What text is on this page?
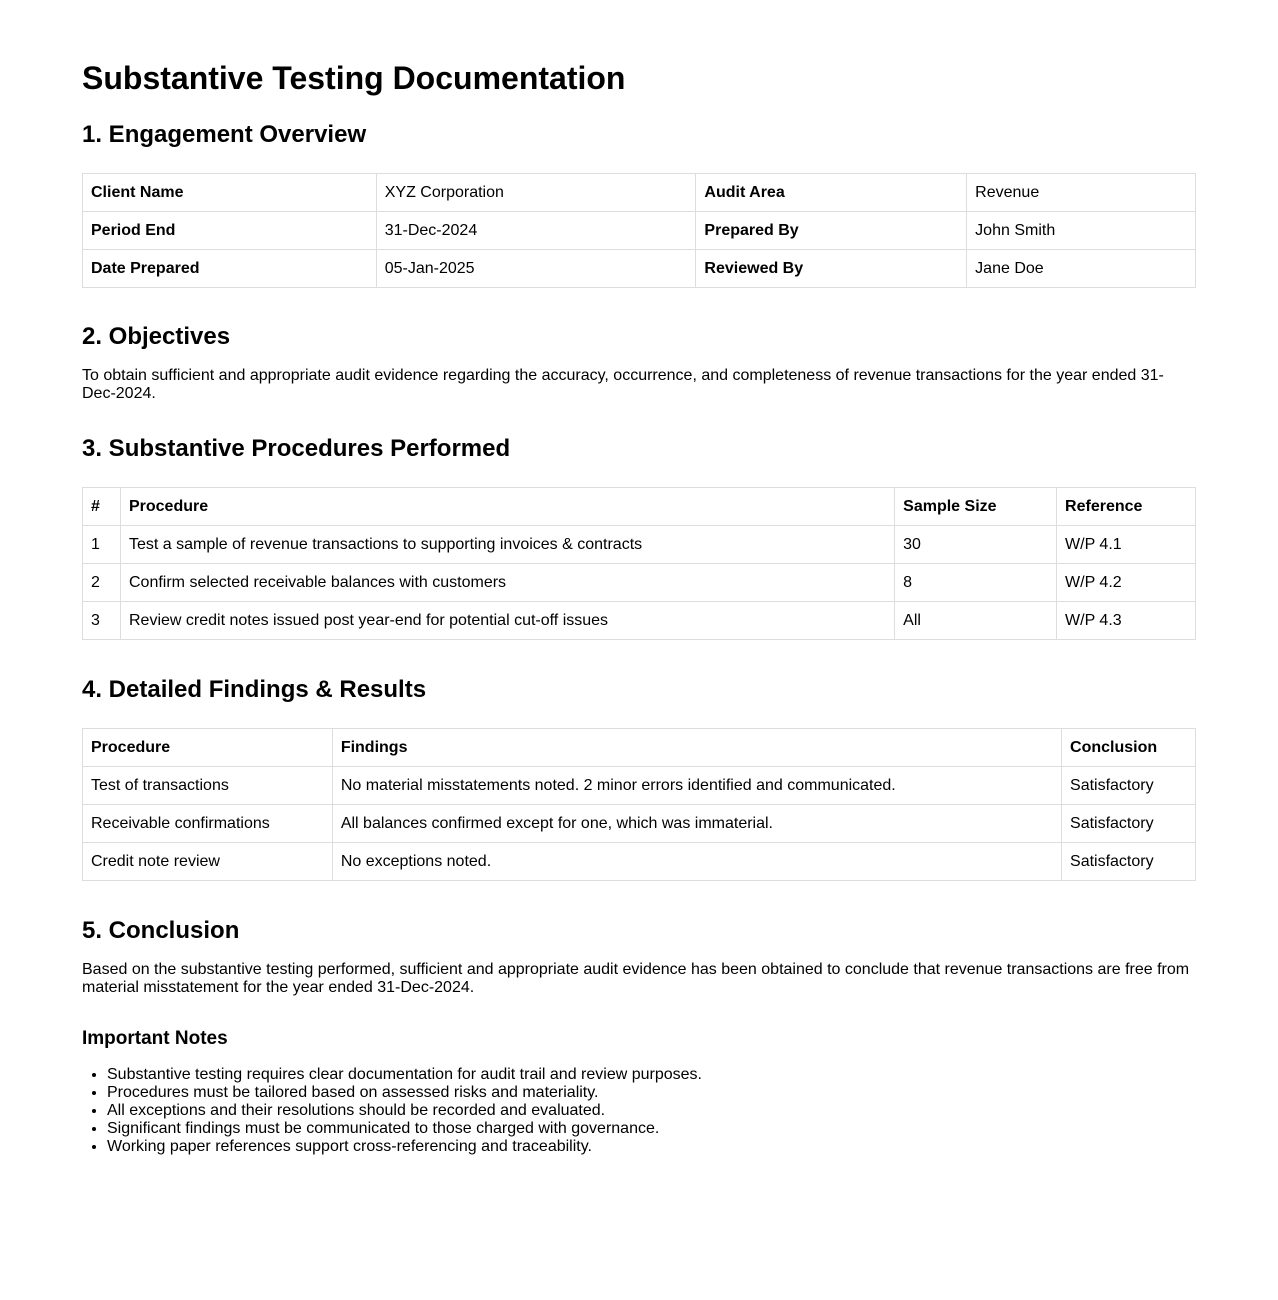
Substantive Testing Documentation
1. Engagement Overview
Client Name	XYZ Corporation	Audit Area	Revenue
Period End	31-Dec-2024	Prepared By	John Smith
Date Prepared	05-Jan-2025	Reviewed By	Jane Doe
2. Objectives

To obtain sufficient and appropriate audit evidence regarding the accuracy, occurrence, and completeness of revenue transactions for the year ended 31-Dec-2024.

3. Substantive Procedures Performed
#	Procedure	Sample Size	Reference
1	Test a sample of revenue transactions to supporting invoices & contracts	30	W/P 4.1
2	Confirm selected receivable balances with customers	8	W/P 4.2
3	Review credit notes issued post year-end for potential cut-off issues	All	W/P 4.3
4. Detailed Findings & Results
Procedure	Findings	Conclusion
Test of transactions	No material misstatements noted. 2 minor errors identified and communicated.	Satisfactory
Receivable confirmations	All balances confirmed except for one, which was immaterial.	Satisfactory
Credit note review	No exceptions noted.	Satisfactory
5. Conclusion

Based on the substantive testing performed, sufficient and appropriate audit evidence has been obtained to conclude that revenue transactions are free from material misstatement for the year ended 31-Dec-2024.

Important Notes
• Substantive testing requires clear documentation for audit trail and review purposes.
• Procedures must be tailored based on assessed risks and materiality.
• All exceptions and their resolutions should be recorded and evaluated.
• Significant findings must be communicated to those charged with governance.
• Working paper references support cross-referencing and traceability.
